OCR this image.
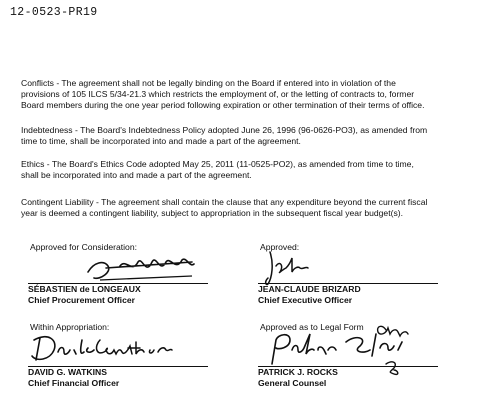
12-0523-PR19

Conflicts - The agreement shall not be legally binding on the Board if entered into in violation of the
provisions of 105 ILCS 5/34-21.3 which restricts the employment of, or the letting of contracts to, former
Board members during the one year period following expiration or other termination of their terms of office.

Indebtedness - The Board's Indebtedness Policy adopted June 26, 1996 (96-0626-PO3), as amended from
time to time, shall be incorporated into and made a part of the agreement.

Ethics - The Board's Ethics Code adopted May 25, 2011 (11-0525-PO2), as amended from time to time,
shall be incorporated into and made a part of the agreement.

Contingent Liability - The agreement shall contain the clause that any expenditure beyond the current fiscal
year is deemed a contingent liability, subject to appropriation in the subsequent fiscal year budget(s).

Approved for Consideration:
SÉBASTIEN de LONGEAUX
Chief Procurement Officer
Approved:
JEAN-CLAUDE BRIZARD
Chief Executive Officer
Within Appropriation:
DAVID G. WATKINS
Chief Financial Officer
Approved as to Legal Form
PATRICK J. ROCKS
General Counsel
